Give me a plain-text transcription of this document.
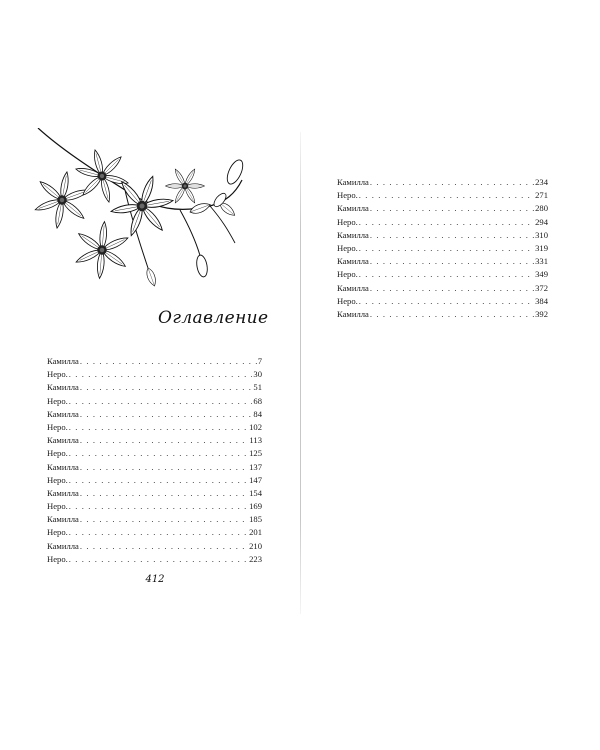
Оглавление
Камилла . . .	7
Неро. . . .	30
Камилла . . .	51
Неро. . . .	68
Камилла . . .	84
Неро. . . .	102
Камилла . . .	113
Неро. . . .	125
Камилла . . .	137
Неро. . . .	147
Камилла . . .	154
Неро. . . .	169
Камилла . . .	185
Неро. . . .	201
Камилла . . .	210
Неро. . . .	223
412
Камилла . . .	234
Неро. . . .	271
Камилла . . .	280
Неро. . . .	294
Камилла . . .	310
Неро. . . .	319
Камилла . . .	331
Неро. . . .	349
Камилла . . .	372
Неро. . . .	384
Камилла . . .	392
